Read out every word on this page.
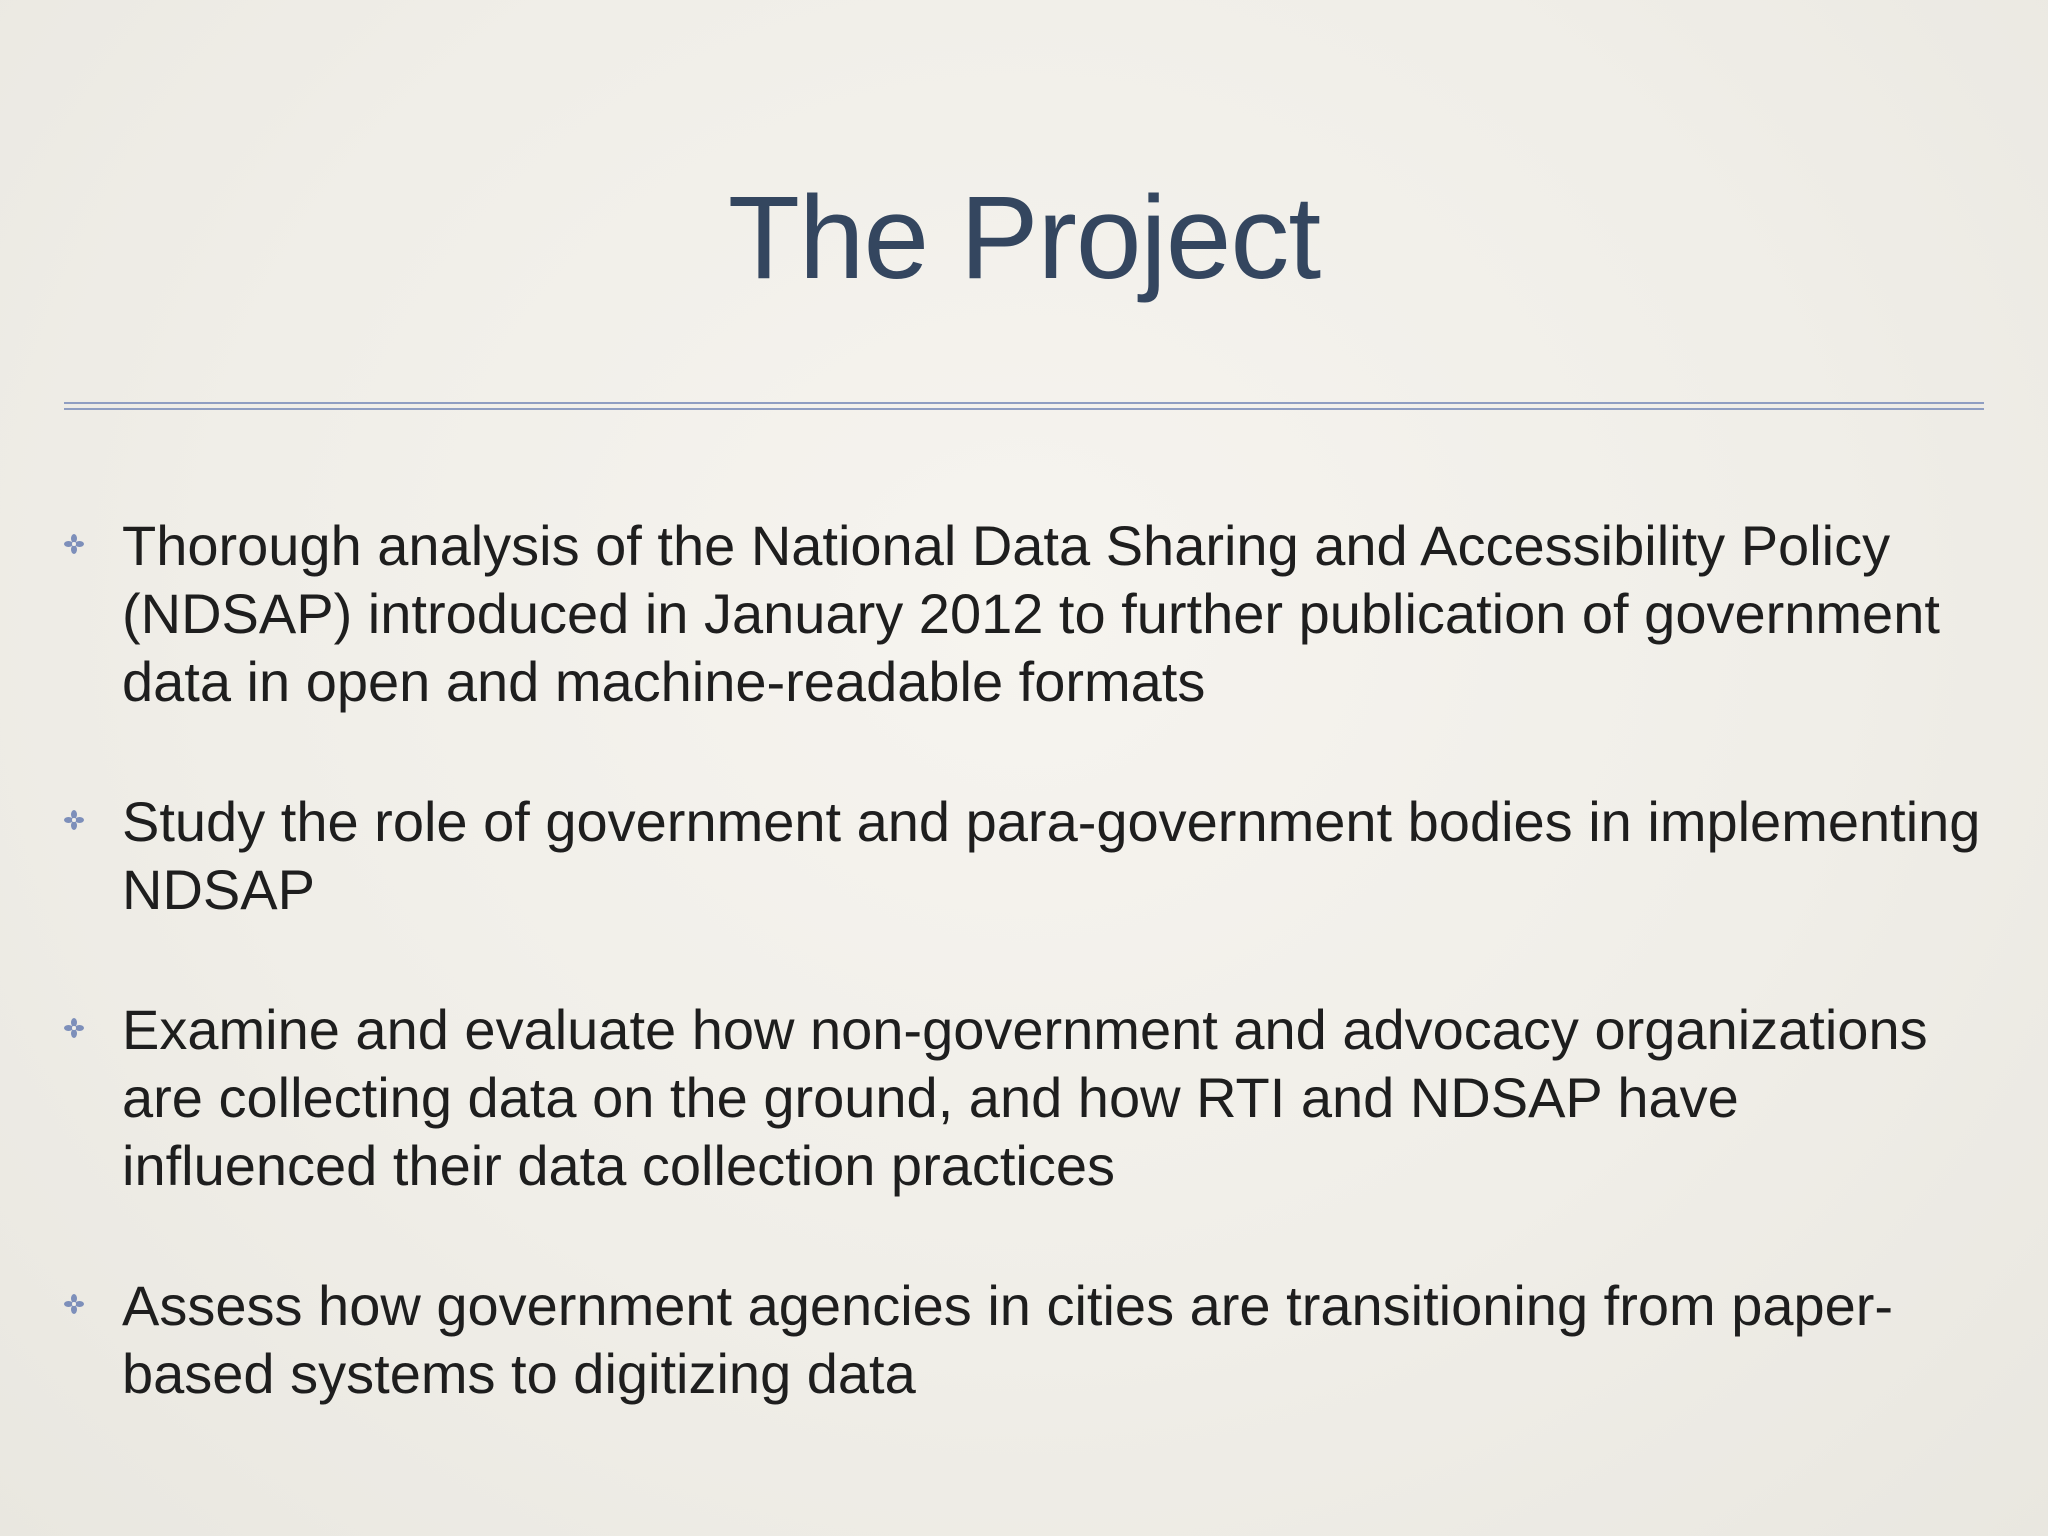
The Project
Thorough analysis of the National Data Sharing and Accessibility Policy (NDSAP) introduced in January 2012 to further publication of government data in open and machine-readable formats
Study the role of government and para-government bodies in implementing NDSAP
Examine and evaluate how non-government and advocacy organizations are collecting data on the ground, and how RTI and NDSAP have influenced their data collection practices
Assess how government agencies in cities are transitioning from paper-based systems to digitizing data
